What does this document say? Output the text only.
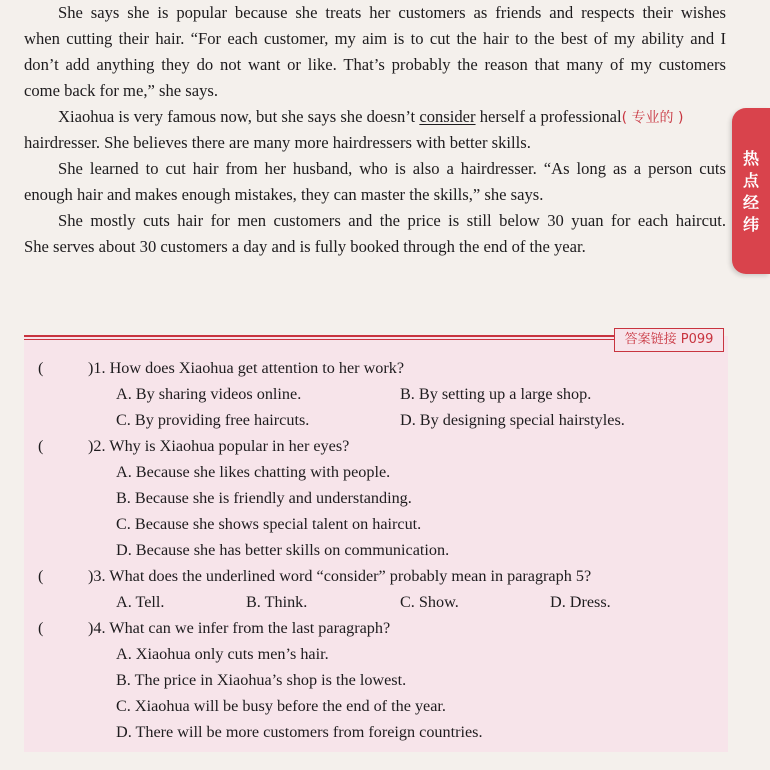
She says she is popular because she treats her customers as friends and respects their wishes
when cutting their hair. “For each customer, my aim is to cut the hair to the best of my ability and I
don’t add anything they do not want or like. That’s probably the reason that many of my customers
come back for me,” she says.
Xiaohua is very famous now, but she says she doesn’t consider herself a professional( 专业的 )
hairdresser. She believes there are many more hairdressers with better skills.
She learned to cut hair from her husband, who is also a hairdresser. “As long as a person cuts
enough hair and makes enough mistakes, they can master the skills,” she says.
She mostly cuts hair for men customers and the price is still below 30 yuan for each haircut.
She serves about 30 customers a day and is fully booked through the end of the year.
热
点
经
纬
答案链接 P099
(	)1. How does Xiaohua get attention to her work?
A. By sharing videos online.	B. By setting up a large shop.
C. By providing free haircuts.	D. By designing special hairstyles.
(	)2. Why is Xiaohua popular in her eyes?
A. Because she likes chatting with people.
B. Because she is friendly and understanding.
C. Because she shows special talent on haircut.
D. Because she has better skills on communication.
(	)3. What does the underlined word “consider” probably mean in paragraph 5?
A. Tell.	B. Think.	C. Show.	D. Dress.
(	)4. What can we infer from the last paragraph?
A. Xiaohua only cuts men’s hair.
B. The price in Xiaohua’s shop is the lowest.
C. Xiaohua will be busy before the end of the year.
D. There will be more customers from foreign countries.
